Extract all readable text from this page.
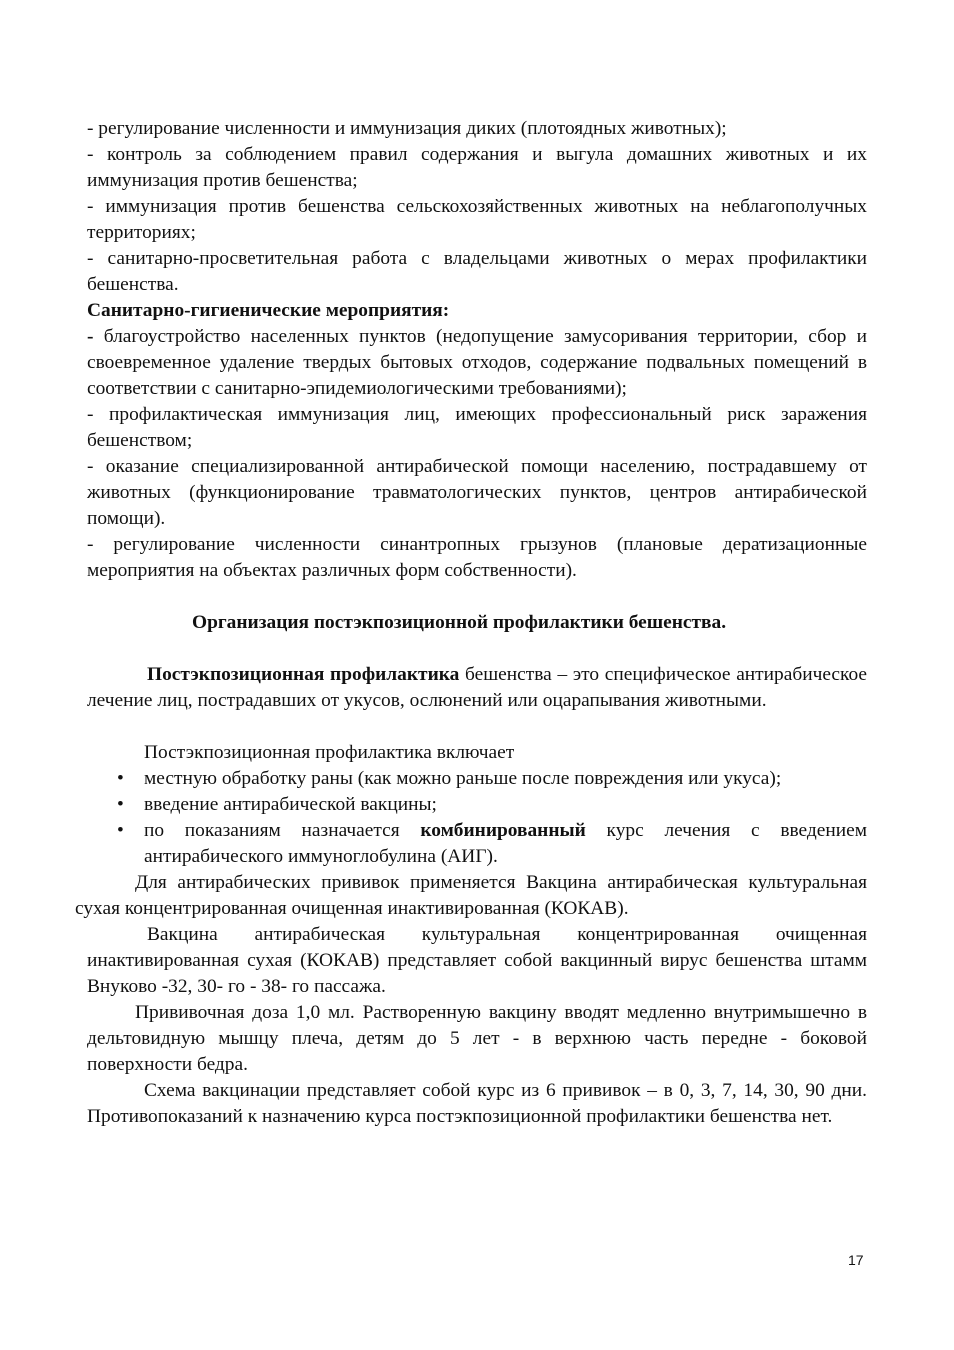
- регулирование численности и иммунизация диких (плотоядных животных);

- контроль за соблюдением правил содержания и выгула домашних животных и их иммунизация против бешенства;

- иммунизация против бешенства сельскохозяйственных животных на неблагополучных территориях;

- санитарно-просветительная работа с владельцами животных о мерах профилактики бешенства.

Санитарно-гигиенические мероприятия:

- благоустройство населенных пунктов (недопущение замусоривания территории, сбор и своевременное удаление твердых бытовых отходов, содержание подвальных помещений в соответствии с санитарно-эпидемиологическими требованиями);

- профилактическая иммунизация лиц, имеющих профессиональный риск заражения бешенством;

- оказание специализированной антирабической помощи населению, пострадавшему от животных (функционирование травматологических пунктов, центров антирабической помощи).

- регулирование численности синантропных грызунов (плановые дератизационные мероприятия на объектах различных форм собственности).

Организация постэкпозиционной профилактики бешенства.

Постэкпозиционная профилактика бешенства – это специфическое антирабическое лечение лиц, пострадавших от укусов, ослюнений или оцарапывания животными.

Постэкпозиционная профилактика включает

• местную обработку раны (как можно раньше после повреждения или укуса);
• введение антирабической вакцины;
• по показаниям назначается комбинированный курс лечения с введением антирабического иммуноглобулина (АИГ).

Для антирабических прививок применяется Вакцина антирабическая культуральная сухая концентрированная очищенная инактивированная (КОКАВ).

Вакцина антирабическая культуральная концентрированная очищенная инактивированная сухая (КОКАВ) представляет собой вакцинный вирус бешенства штамм Внуково -32, 30- го - 38- го пассажа.

Прививочная доза 1,0 мл. Растворенную вакцину вводят медленно внутримышечно в дельтовидную мышцу плеча, детям до 5 лет - в верхнюю часть передне - боковой поверхности бедра.

Схема вакцинации представляет собой курс из 6 прививок – в 0, 3, 7, 14, 30, 90 дни. Противопоказаний к назначению курса постэкпозиционной профилактики бешенства нет.

17
